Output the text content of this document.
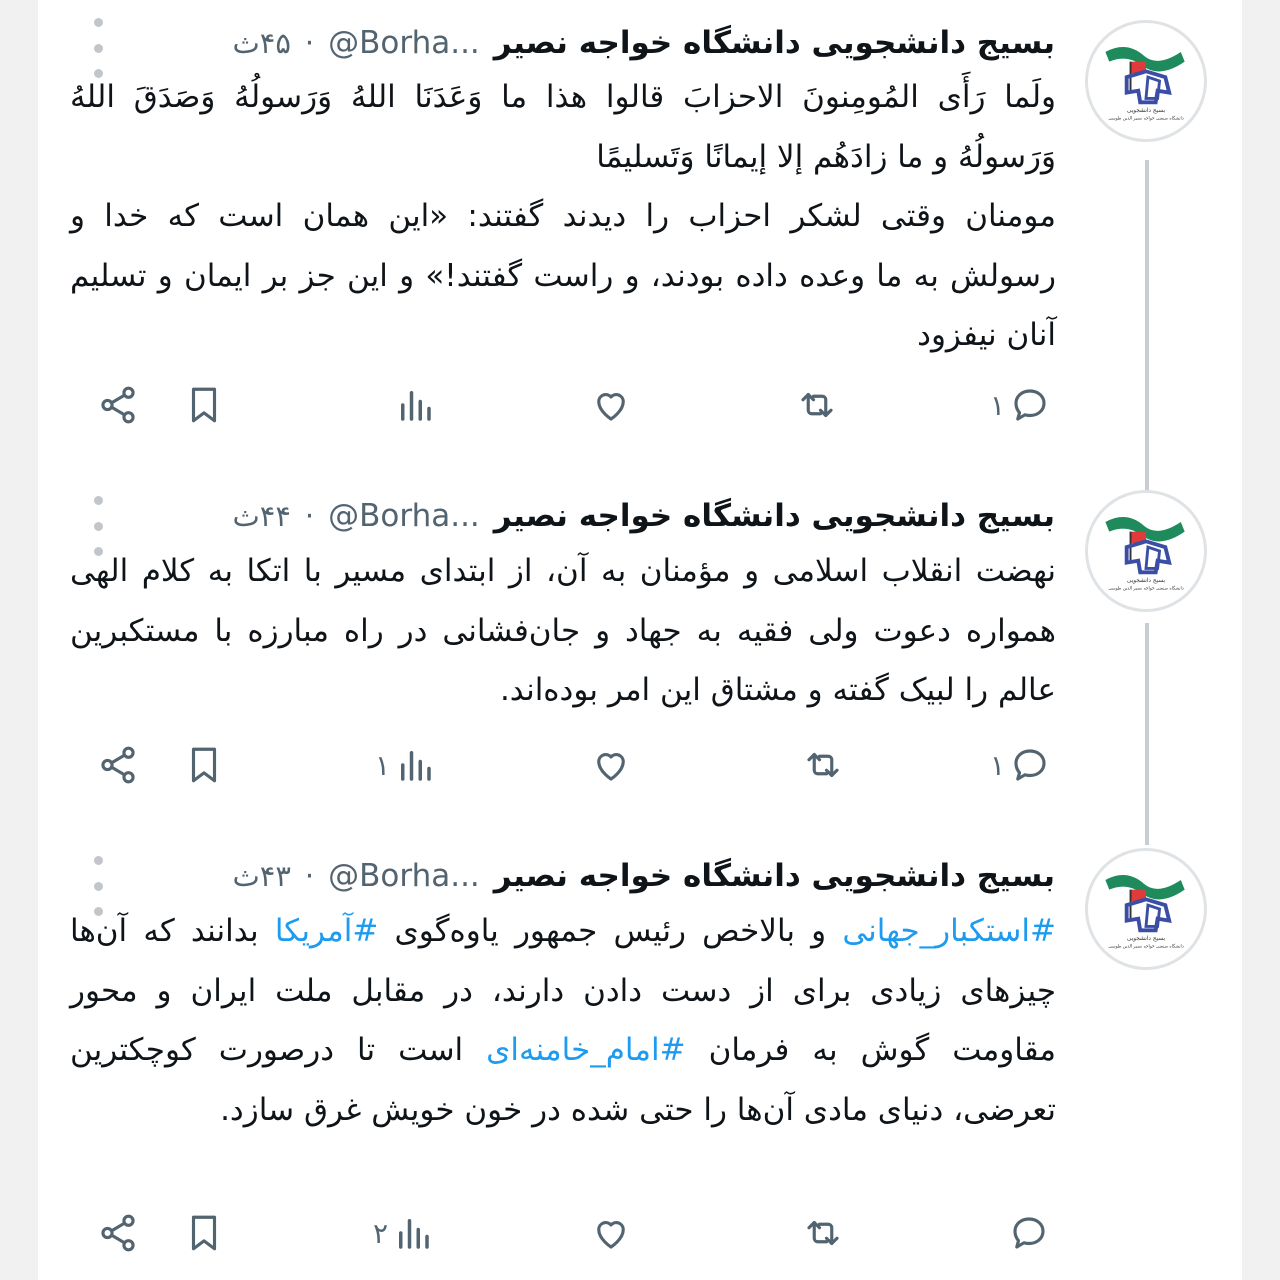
بسیج دانشجویی
دانشگاه صنعتی خواجه نصیر الدین طوسی
بسیج دانشجویی دانشگاه خواجه نصیر
@Borha...
·
۴۵ث

ولَما رَأَى المُومِنونَ الاحزابَ قالوا هذا ما وَعَدَنَا اللهُ وَرَسولُهُ وَصَدَقَ اللهُ وَرَسولُهُ و ما زادَهُم إلا إيمانًا وَتَسليمًا

مومنان وقتی لشکر احزاب را دیدند گفتند: «این همان است که خدا و رسولش به ما وعده داده بودند، و راست گفتند!» و این جز بر ایمان و تسلیم آنان نیفزود

۱
بسیج دانشجویی
دانشگاه صنعتی خواجه نصیر الدین طوسی
بسیج دانشجویی دانشگاه خواجه نصیر
@Borha...
·
۴۴ث

نهضت انقلاب اسلامی و مؤمنان به آن، از ابتدای مسیر با اتکا به کلام الهی همواره دعوت ولی فقیه به جهاد و جان‌فشانی در راه مبارزه با مستکبرین عالم را لبیک گفته و مشتاق این امر بوده‌اند.

۱
۱
بسیج دانشجویی
دانشگاه صنعتی خواجه نصیر الدین طوسی
بسیج دانشجویی دانشگاه خواجه نصیر
@Borha...
·
۴۳ث

#استکبار_جهانی و بالاخص رئیس جمهور یاوه‌گوی #آمریکا بدانند که آن‌ها چیزهای زیادی برای از دست دادن دارند، در مقابل ملت ایران و محور مقاومت گوش به فرمان #امام_خامنه‌ای است تا درصورت کوچکترین تعرضی، دنیای مادی آن‌ها را حتی شده در خون خویش غرق سازد.

۲
